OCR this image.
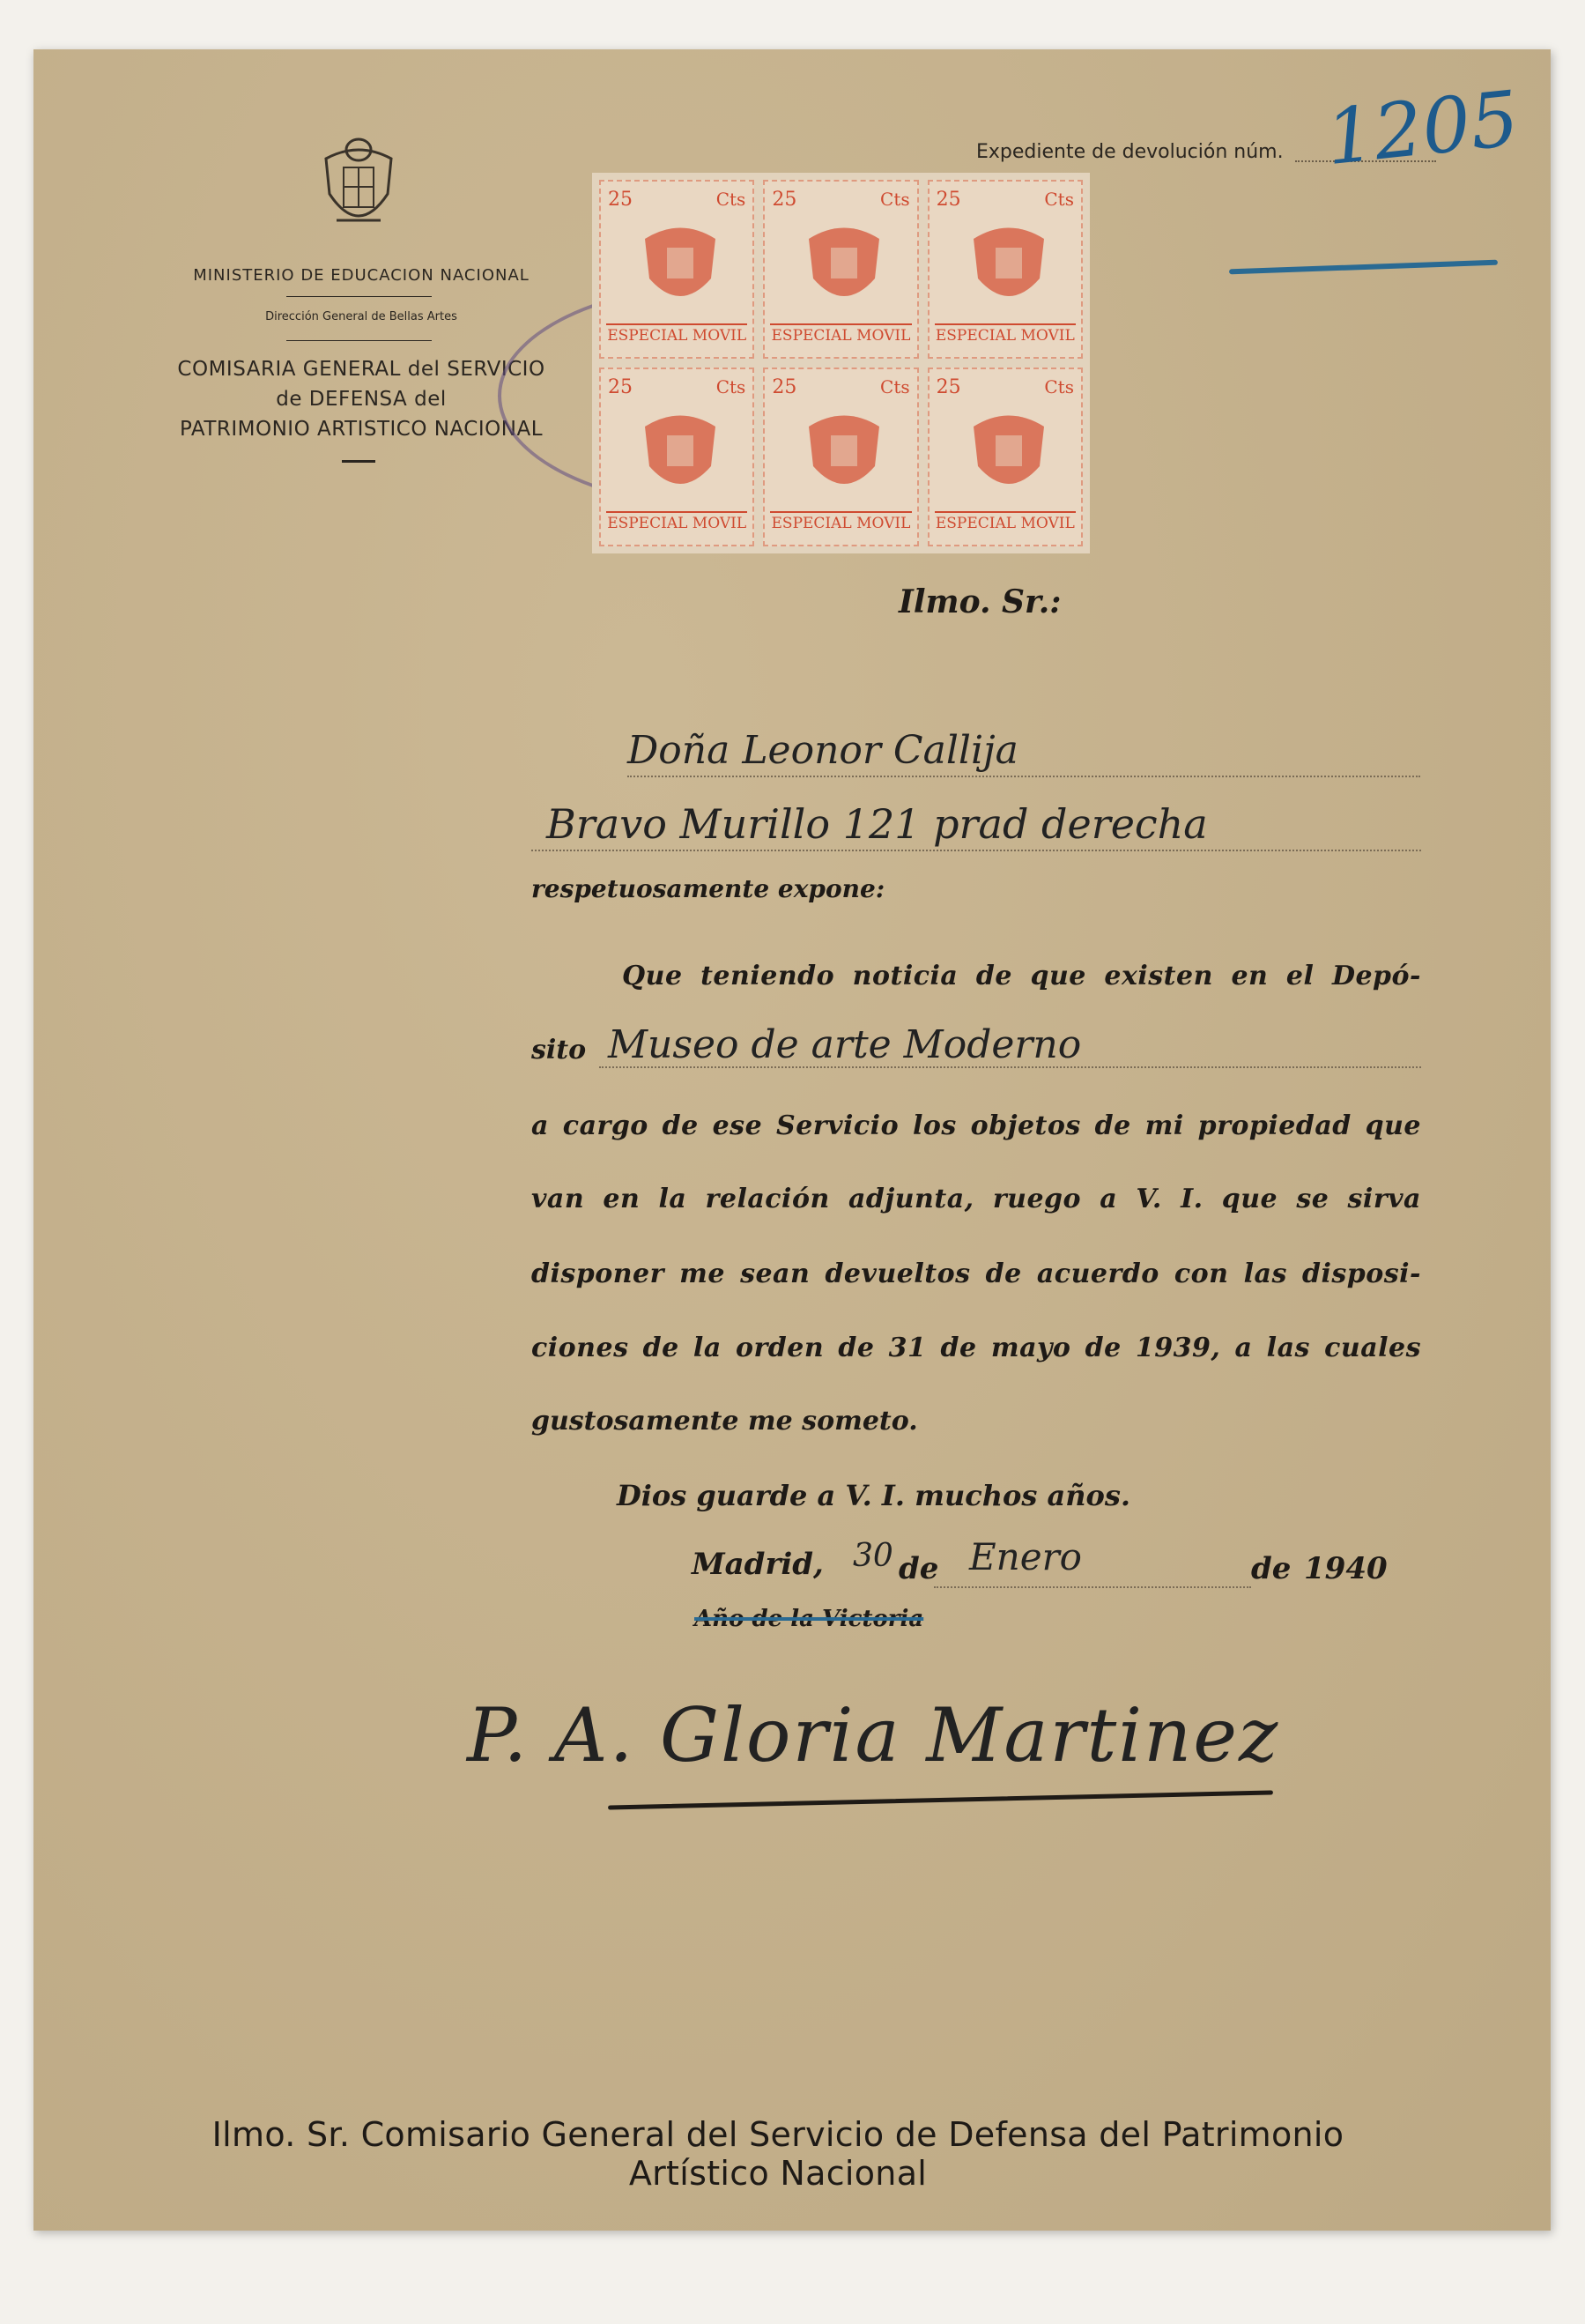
MINISTERIO DE EDUCACION NACIONAL
Dirección General de Bellas Artes
COMISARIA GENERAL del SERVICIO
de DEFENSA del
PATRIMONIO ARTISTICO NACIONAL
25	Cts
ESPECIAL MOVIL
25	Cts
ESPECIAL MOVIL
25	Cts
ESPECIAL MOVIL
25	Cts
ESPECIAL MOVIL
25	Cts
ESPECIAL MOVIL
25	Cts
ESPECIAL MOVIL
Expediente de devolución núm. 1205
Ilmo. Sr.:
Doña Leonor Callija
Bravo Murillo 121 prad derecha
respetuosamente expone:
Que teniendo noticia de que existen en el Depó-
sito Museo de arte Moderno
a cargo de ese Servicio los objetos de mi propiedad que
van en la relación adjunta, ruego a V. I. que se sirva
disponer me sean devueltos de acuerdo con las disposi-
ciones de la orden de 31 de mayo de 1939, a las cuales
gustosamente me someto.
Dios guarde a V. I. muchos años.
Madrid, 30 de Enero	de 1940
Año de la Victoria
P. A. Gloria Martinez
Ilmo. Sr. Comisario General del Servicio de Defensa del Patrimonio Artístico Nacional
